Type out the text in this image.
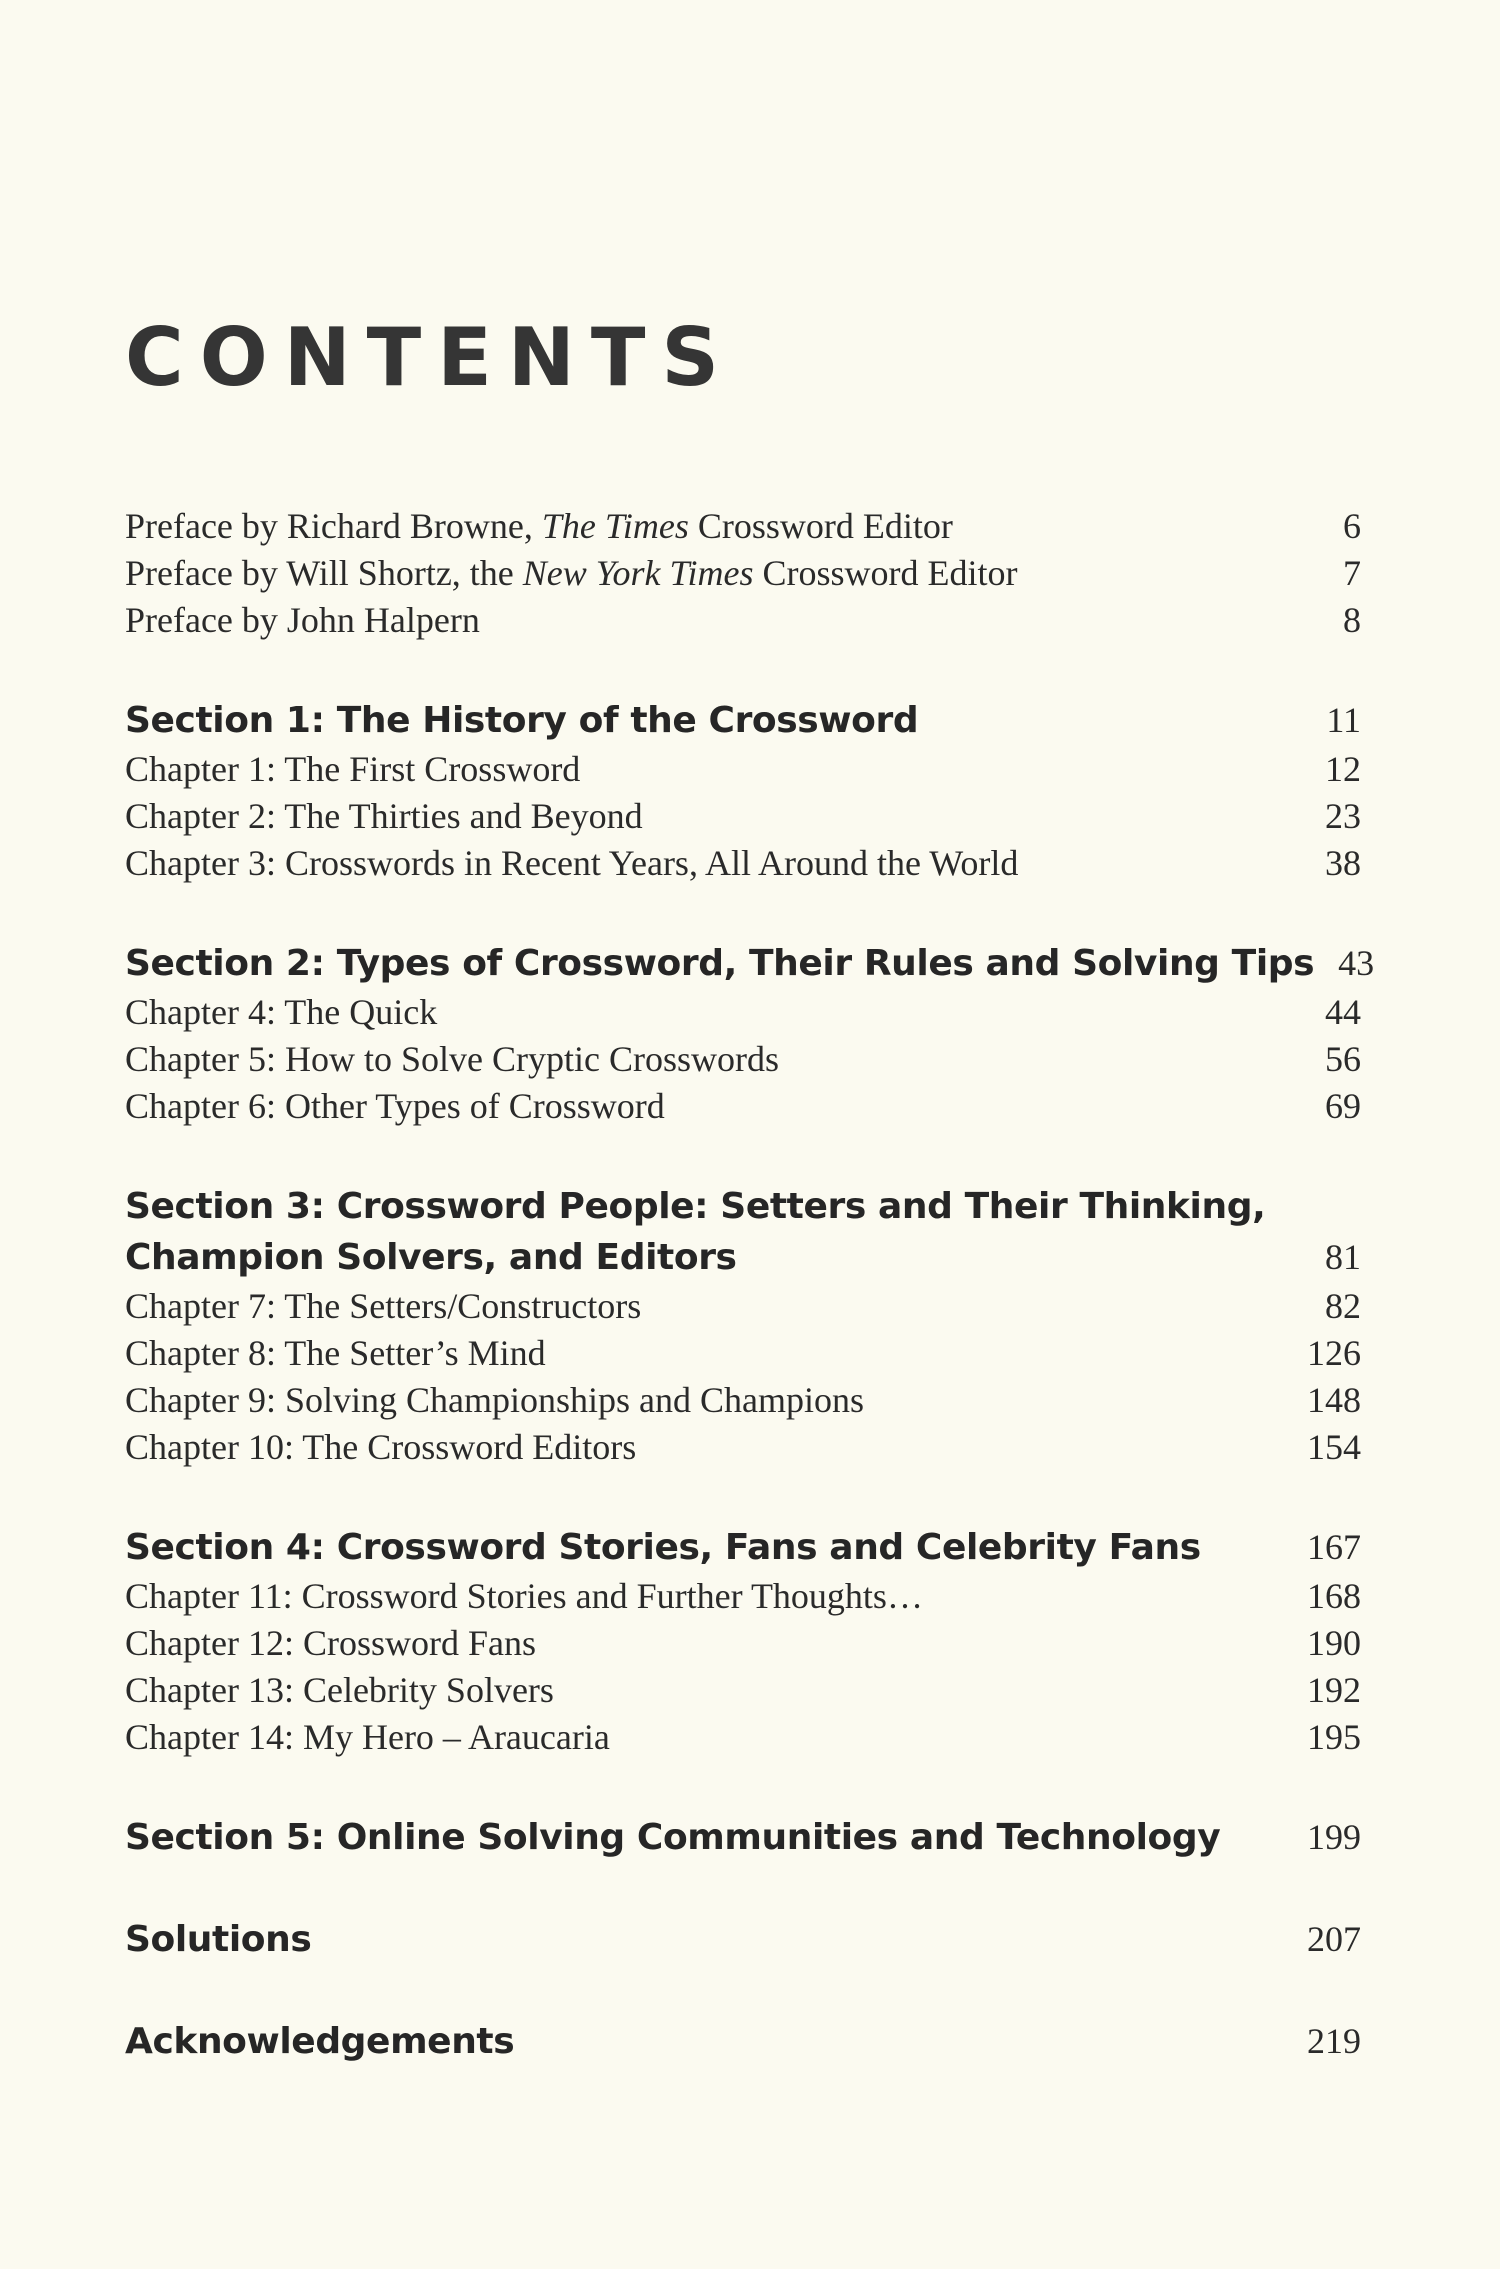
CONTENTS
Preface by Richard Browne, The Times Crossword Editor	6
Preface by Will Shortz, the New York Times Crossword Editor	7
Preface by John Halpern	8
Section 1: The History of the Crossword	11
Chapter 1: The First Crossword	12
Chapter 2: The Thirties and Beyond	23
Chapter 3: Crosswords in Recent Years, All Around the World	38
Section 2: Types of Crossword, Their Rules and Solving Tips 43
Chapter 4: The Quick	44
Chapter 5: How to Solve Cryptic Crosswords	56
Chapter 6: Other Types of Crossword	69
Section 3: Crossword People: Setters and Their Thinking,
Champion Solvers, and Editors	81
Chapter 7: The Setters/Constructors	82
Chapter 8: The Setter’s Mind	126
Chapter 9: Solving Championships and Champions	148
Chapter 10: The Crossword Editors	154
Section 4: Crossword Stories, Fans and Celebrity Fans	167
Chapter 11: Crossword Stories and Further Thoughts…	168
Chapter 12: Crossword Fans	190
Chapter 13: Celebrity Solvers	192
Chapter 14: My Hero – Araucaria	195
Section 5: Online Solving Communities and Technology 199
Solutions	207
Acknowledgements	219
